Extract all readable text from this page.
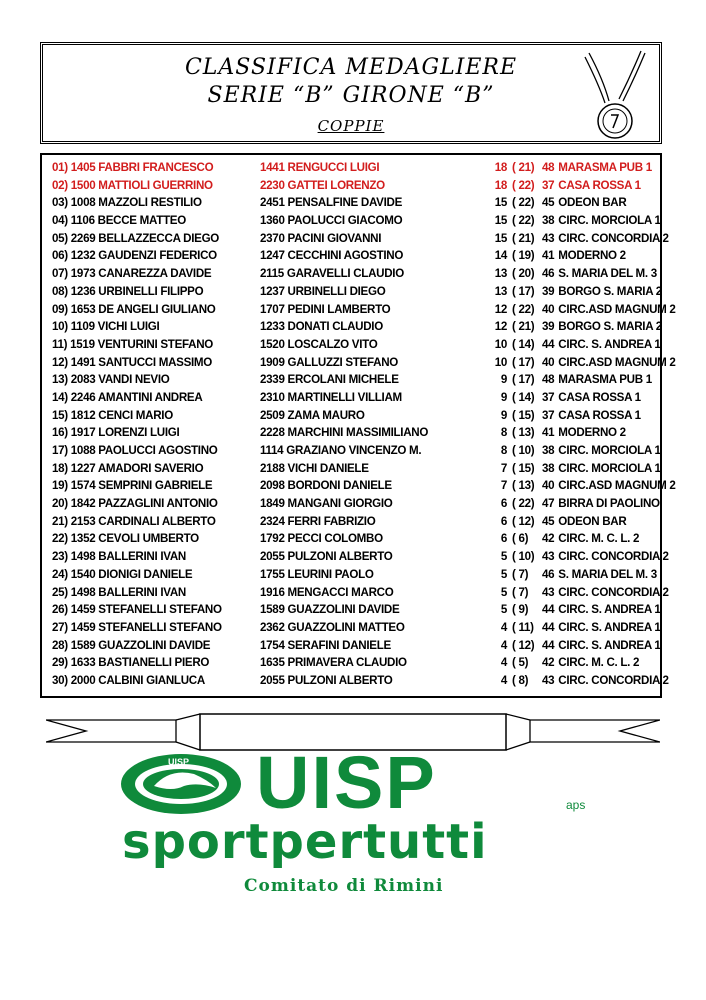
CLASSIFICA MEDAGLIERE
SERIE “B” GIRONE “B”
COPPIE
01) 1405 FABBRI FRANCESCO	1441 RENGUCCI LUIGI	18 ( 21) 48 MARASMA PUB 1
02) 1500 MATTIOLI GUERRINO	2230 GATTEI LORENZO	18 ( 22) 37 CASA ROSSA 1
03) 1008 MAZZOLI RESTILIO	2451 PENSALFINE DAVIDE	15 ( 22) 45 ODEON BAR
04) 1106 BECCE MATTEO	1360 PAOLUCCI GIACOMO	15 ( 22) 38 CIRC. MORCIOLA 1
05) 2269 BELLAZZECCA DIEGO	2370 PACINI GIOVANNI	15 ( 21) 43 CIRC. CONCORDIA 2
06) 1232 GAUDENZI FEDERICO	1247 CECCHINI AGOSTINO	14 ( 19) 41 MODERNO 2
07) 1973 CANAREZZA DAVIDE	2115 GARAVELLI CLAUDIO	13 ( 20) 46 S. MARIA DEL M. 3
08) 1236 URBINELLI FILIPPO	1237 URBINELLI DIEGO	13 ( 17) 39 BORGO S. MARIA 2
09) 1653 DE ANGELI GIULIANO	1707 PEDINI LAMBERTO	12 ( 22) 40 CIRC.ASD MAGNUM 2
10) 1109 VICHI LUIGI	1233 DONATI CLAUDIO	12 ( 21) 39 BORGO S. MARIA 2
11) 1519 VENTURINI STEFANO	1520 LOSCALZO VITO	10 ( 14) 44 CIRC. S. ANDREA 1
12) 1491 SANTUCCI MASSIMO	1909 GALLUZZI STEFANO	10 ( 17) 40 CIRC.ASD MAGNUM 2
13) 2083 VANDI NEVIO	2339 ERCOLANI MICHELE	9 ( 17) 48 MARASMA PUB 1
14) 2246 AMANTINI ANDREA	2310 MARTINELLI VILLIAM	9 ( 14) 37 CASA ROSSA 1
15) 1812 CENCI MARIO	2509 ZAMA MAURO	9 ( 15) 37 CASA ROSSA 1
16) 1917 LORENZI LUIGI	2228 MARCHINI MASSIMILIANO	8 ( 13) 41 MODERNO 2
17) 1088 PAOLUCCI AGOSTINO	1114 GRAZIANO VINCENZO M.	8 ( 10) 38 CIRC. MORCIOLA 1
18) 1227 AMADORI SAVERIO	2188 VICHI DANIELE	7 ( 15) 38 CIRC. MORCIOLA 1
19) 1574 SEMPRINI GABRIELE	2098 BORDONI DANIELE	7 ( 13) 40 CIRC.ASD MAGNUM 2
20) 1842 PAZZAGLINI ANTONIO	1849 MANGANI GIORGIO	6 ( 22) 47 BIRRA DI PAOLINO
21) 2153 CARDINALI ALBERTO	2324 FERRI FABRIZIO	6 ( 12) 45 ODEON BAR
22) 1352 CEVOLI UMBERTO	1792 PECCI COLOMBO	6 ( 6) 42 CIRC. M. C. L. 2
23) 1498 BALLERINI IVAN	2055 PULZONI ALBERTO	5 ( 10) 43 CIRC. CONCORDIA 2
24) 1540 DIONIGI DANIELE	1755 LEURINI PAOLO	5 ( 7) 46 S. MARIA DEL M. 3
25) 1498 BALLERINI IVAN	1916 MENGACCI MARCO	5 ( 7) 43 CIRC. CONCORDIA 2
26) 1459 STEFANELLI STEFANO	1589 GUAZZOLINI DAVIDE	5 ( 9) 44 CIRC. S. ANDREA 1
27) 1459 STEFANELLI STEFANO	2362 GUAZZOLINI MATTEO	4 ( 11) 44 CIRC. S. ANDREA 1
28) 1589 GUAZZOLINI DAVIDE	1754 SERAFINI DANIELE	4 ( 12) 44 CIRC. S. ANDREA 1
29) 1633 BASTIANELLI PIERO	1635 PRIMAVERA CLAUDIO	4 ( 5) 42 CIRC. M. C. L. 2
30) 2000 CALBINI GIANLUCA	2055 PULZONI ALBERTO	4 ( 8) 43 CIRC. CONCORDIA 2
UISP UISP	aps
sportpertutti
Comitato di Rimini
